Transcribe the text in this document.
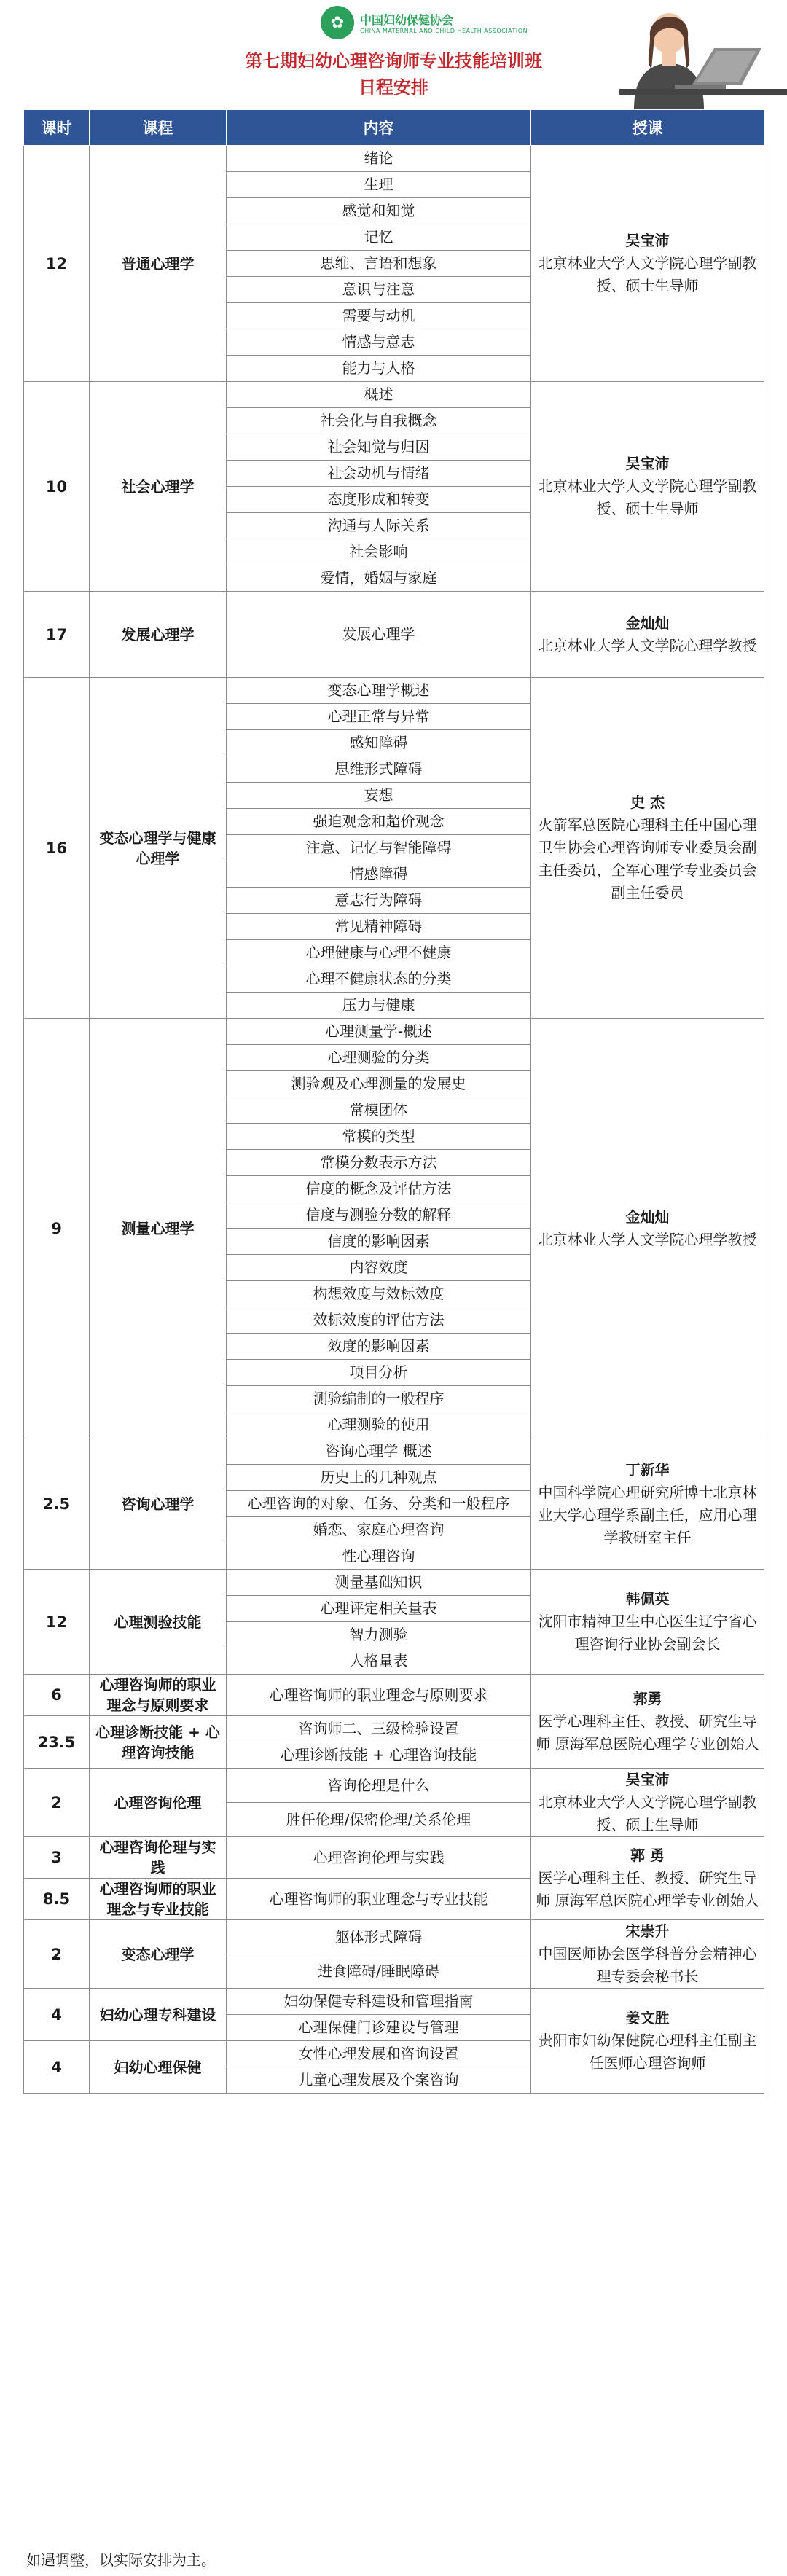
✿	中国妇幼保健协会
CHINA MATERNAL AND CHILD HEALTH ASSOCIATION
第七期妇幼心理咨询师专业技能培训班
日程安排
课时	课程	内容	授课
12	普通心理学	绪论	吴宝沛
北京林业大学人文学院心理学副教授、硕士生导师

		生理	
		感觉和知觉	
		记忆	
		思维、言语和想象	
		意识与注意	
		需要与动机	
		情感与意志	
		能力与人格	
10	社会心理学	概述	吴宝沛
北京林业大学人文学院心理学副教授、硕士生导师

		社会化与自我概念	
		社会知觉与归因	
		社会动机与情绪	
		态度形成和转变	
		沟通与人际关系	
		社会影响	
		爱情，婚姻与家庭	
17	发展心理学	发展心理学	金灿灿
北京林业大学人文学院心理学教授

16	变态心理学与健康心理学	变态心理学概述	史 杰
火箭军总医院心理科主任中国心理卫生协会心理咨询师专业委员会副主任委员，全军心理学专业委员会副主任委员

		心理正常与异常	
		感知障碍	
		思维形式障碍	
		妄想	
		强迫观念和超价观念	
		注意、记忆与智能障碍	
		情感障碍	
		意志行为障碍	
		常见精神障碍	
		心理健康与心理不健康	
		心理不健康状态的分类	
		压力与健康	
9	测量心理学	心理测量学-概述	金灿灿
北京林业大学人文学院心理学教授

		心理测验的分类	
		测验观及心理测量的发展史	
		常模团体	
		常模的类型	
		常模分数表示方法	
		信度的概念及评估方法	
		信度与测验分数的解释	
		信度的影响因素	
		内容效度	
		构想效度与效标效度	
		效标效度的评估方法	
		效度的影响因素	
		项目分析	
		测验编制的一般程序	
		心理测验的使用	
2.5	咨询心理学	咨询心理学 概述	丁新华
中国科学院心理研究所博士北京林业大学心理学系副主任，应用心理学教研室主任

		历史上的几种观点	
		心理咨询的对象、任务、分类和一般程序	
		婚恋、家庭心理咨询	
		性心理咨询	
12	心理测验技能	测量基础知识	韩佩英
沈阳市精神卫生中心医生辽宁省心理咨询行业协会副会长

		心理评定相关量表	
		智力测验	
		人格量表	
6	心理咨询师的职业理念与原则要求	心理咨询师的职业理念与原则要求	郭勇
医学心理科主任、教授、研究生导师 原海军总医院心理学专业创始人

23.5	心理诊断技能 + 心理咨询技能	咨询师二、三级检验设置	
		心理诊断技能 + 心理咨询技能	
2	心理咨询伦理	咨询伦理是什么	吴宝沛
北京林业大学人文学院心理学副教授、硕士生导师

		胜任伦理/保密伦理/关系伦理	
3	心理咨询伦理与实践	心理咨询伦理与实践	郭 勇
医学心理科主任、教授、研究生导师 原海军总医院心理学专业创始人

8.5	心理咨询师的职业理念与专业技能	心理咨询师的职业理念与专业技能	
2	变态心理学	躯体形式障碍	宋崇升
中国医师协会医学科普分会精神心理专委会秘书长

		进食障碍/睡眠障碍	
4	妇幼心理专科建设	妇幼保健专科建设和管理指南	姜文胜
贵阳市妇幼保健院心理科主任副主任医师心理咨询师

		心理保健门诊建设与管理	
4	妇幼心理保健	女性心理发展和咨询设置	
		儿童心理发展及个案咨询	
如遇调整，以实际安排为主。
